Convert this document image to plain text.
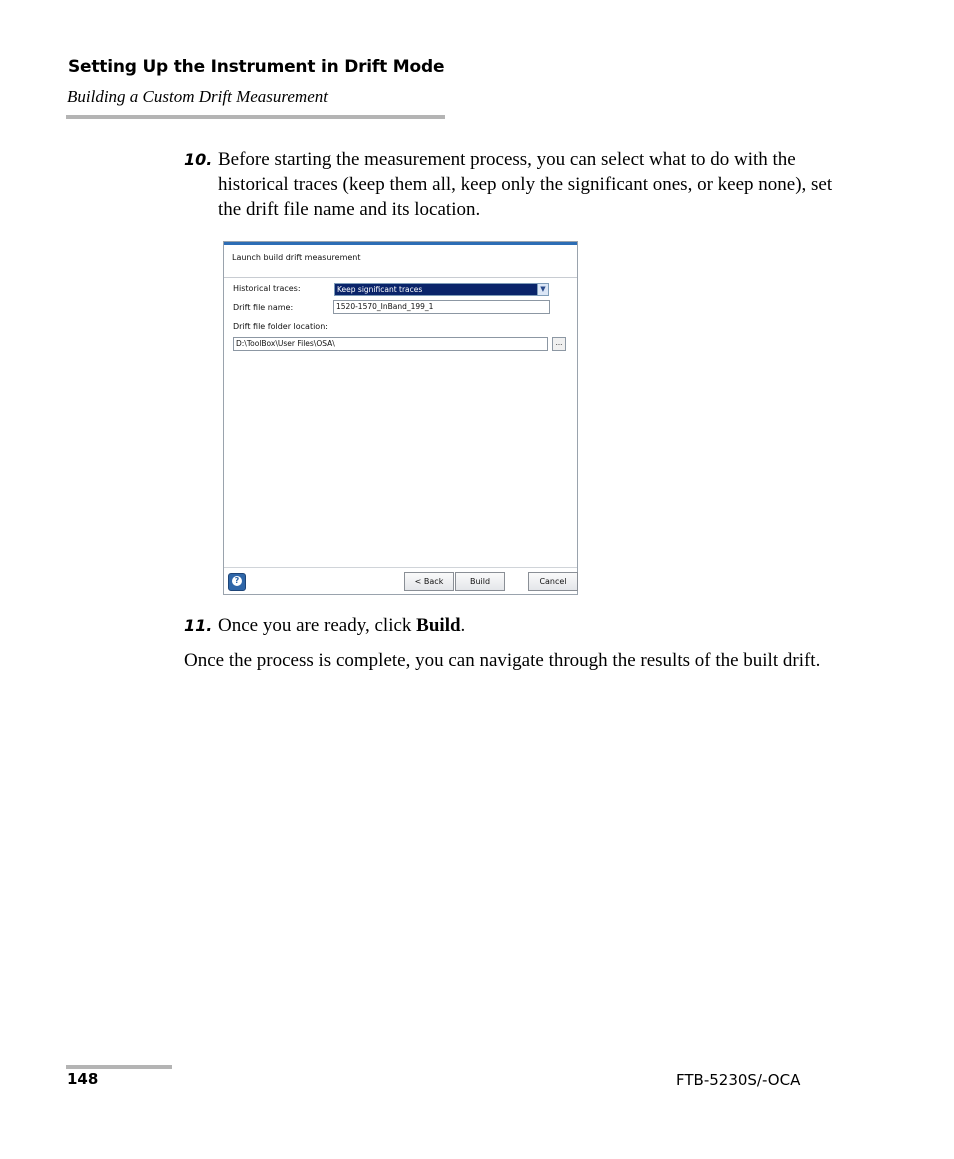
Setting Up the Instrument in Drift Mode
Building a Custom Drift Measurement
10. Before starting the measurement process, you can select what to do with the historical traces (keep them all, keep only the significant ones, or keep none), set the drift file name and its location.
Launch build drift measurement
Historical traces:	Keep significant traces	▼
Drift file name:	1520-1570_InBand_199_1
Drift file folder location:
D:\ToolBox\User Files\OSA\	...
?	< Back	Build	Cancel
11. Once you are ready, click Build.
Once the process is complete, you can navigate through the results of the built drift.
148	FTB-5230S/-OCA
